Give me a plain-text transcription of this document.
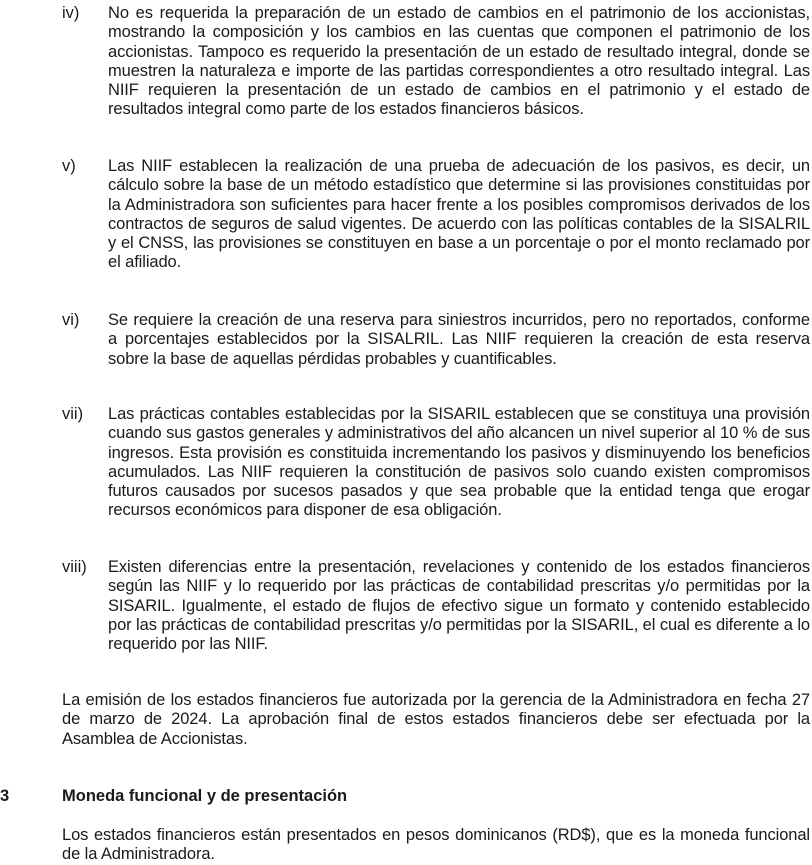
iv) No es requerida la preparación de un estado de cambios en el patrimonio de los accionistas, mostrando la composición y los cambios en las cuentas que componen el patrimonio de los accionistas. Tampoco es requerido la presentación de un estado de resultado integral, donde se muestren la naturaleza e importe de las partidas correspondientes a otro resultado integral. Las NIIF requieren la presentación de un estado de cambios en el patrimonio y el estado de resultados integral como parte de los estados financieros básicos.
v) Las NIIF establecen la realización de una prueba de adecuación de los pasivos, es decir, un cálculo sobre la base de un método estadístico que determine si las provisiones constituidas por la Administradora son suficientes para hacer frente a los posibles compromisos derivados de los contractos de seguros de salud vigentes. De acuerdo con las políticas contables de la SISALRIL y el CNSS, las provisiones se constituyen en base a un porcentaje o por el monto reclamado por el afiliado.
vi) Se requiere la creación de una reserva para siniestros incurridos, pero no reportados, conforme a porcentajes establecidos por la SISALRIL. Las NIIF requieren la creación de esta reserva sobre la base de aquellas pérdidas probables y cuantificables.
vii) Las prácticas contables establecidas por la SISARIL establecen que se constituya una provisión cuando sus gastos generales y administrativos del año alcancen un nivel superior al 10 % de sus ingresos. Esta provisión es constituida incrementando los pasivos y disminuyendo los beneficios acumulados. Las NIIF requieren la constitución de pasivos solo cuando existen compromisos futuros causados por sucesos pasados y que sea probable que la entidad tenga que erogar recursos económicos para disponer de esa obligación.
viii) Existen diferencias entre la presentación, revelaciones y contenido de los estados financieros según las NIIF y lo requerido por las prácticas de contabilidad prescritas y/o permitidas por la SISARIL. Igualmente, el estado de flujos de efectivo sigue un formato y contenido establecido por las prácticas de contabilidad prescritas y/o permitidas por la SISARIL, el cual es diferente a lo requerido por las NIIF.
La emisión de los estados financieros fue autorizada por la gerencia de la Administradora en fecha 27 de marzo de 2024. La aprobación final de estos estados financieros debe ser efectuada por la Asamblea de Accionistas.
3	Moneda funcional y de presentación
Los estados financieros están presentados en pesos dominicanos (RD$), que es la moneda funcional de la Administradora.
